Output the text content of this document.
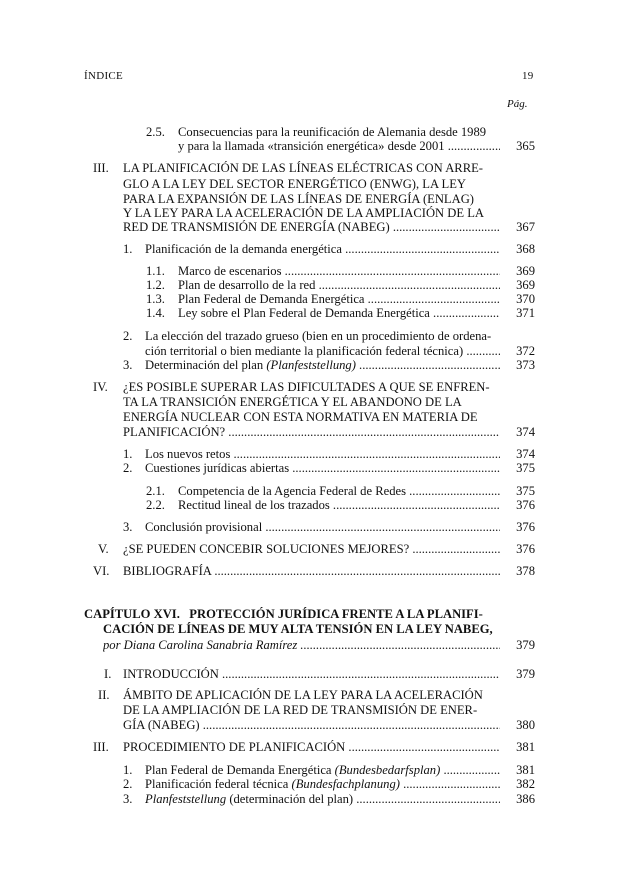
ÍNDICE	19
Pág.
2.5. Consecuencias para la reunificación de Alemania desde 1989
y para la llamada «transición energética» desde 2001 .....	365
III. LA PLANIFICACIÓN DE LAS LÍNEAS ELÉCTRICAS CON ARRE-
GLO A LA LEY DEL SECTOR ENERGÉTICO (ENWG), LA LEY
PARA LA EXPANSIÓN DE LAS LÍNEAS DE ENERGÍA (ENLAG)
Y LA LEY PARA LA ACELERACIÓN DE LA AMPLIACIÓN DE LA
RED DE TRANSMISIÓN DE ENERGÍA (NABEG) .....	367
1. Planificación de la demanda energética .....	368
1.1. Marco de escenarios .....	369
1.2. Plan de desarrollo de la red .....	369
1.3. Plan Federal de Demanda Energética .....	370
1.4. Ley sobre el Plan Federal de Demanda Energética .....	371
2. La elección del trazado grueso (bien en un procedimiento de ordena-
ción territorial o bien mediante la planificación federal técnica) .....	372
3. Determinación del plan (Planfeststellung) .....	373
IV. ¿ES POSIBLE SUPERAR LAS DIFICULTADES A QUE SE ENFREN-
TA LA TRANSICIÓN ENERGÉTICA Y EL ABANDONO DE LA
ENERGÍA NUCLEAR CON ESTA NORMATIVA EN MATERIA DE
PLANIFICACIÓN? .....	374
1. Los nuevos retos .....	374
2. Cuestiones jurídicas abiertas .....	375
2.1. Competencia de la Agencia Federal de Redes .....	375
2.2. Rectitud lineal de los trazados .....	376
3. Conclusión provisional .....	376
V. ¿SE PUEDEN CONCEBIR SOLUCIONES MEJORES? .....	376
VI. BIBLIOGRAFÍA .....	378
CAPÍTULO XVI.   PROTECCIÓN JURÍDICA FRENTE A LA PLANIFI-
CACIÓN DE LÍNEAS DE MUY ALTA TENSIÓN EN LA LEY NABEG,
por Diana Carolina Sanabria Ramírez .....	379
I. INTRODUCCIÓN .....	379
II. ÁMBITO DE APLICACIÓN DE LA LEY PARA LA ACELERACIÓN
DE LA AMPLIACIÓN DE LA RED DE TRANSMISIÓN DE ENER-
GÍA (NABEG) .....	380
III. PROCEDIMIENTO DE PLANIFICACIÓN .....	381
1. Plan Federal de Demanda Energética (Bundesbedarfsplan) .....	381
2. Planificación federal técnica (Bundesfachplanung) .....	382
3. Planfeststellung (determinación del plan) .....	386
